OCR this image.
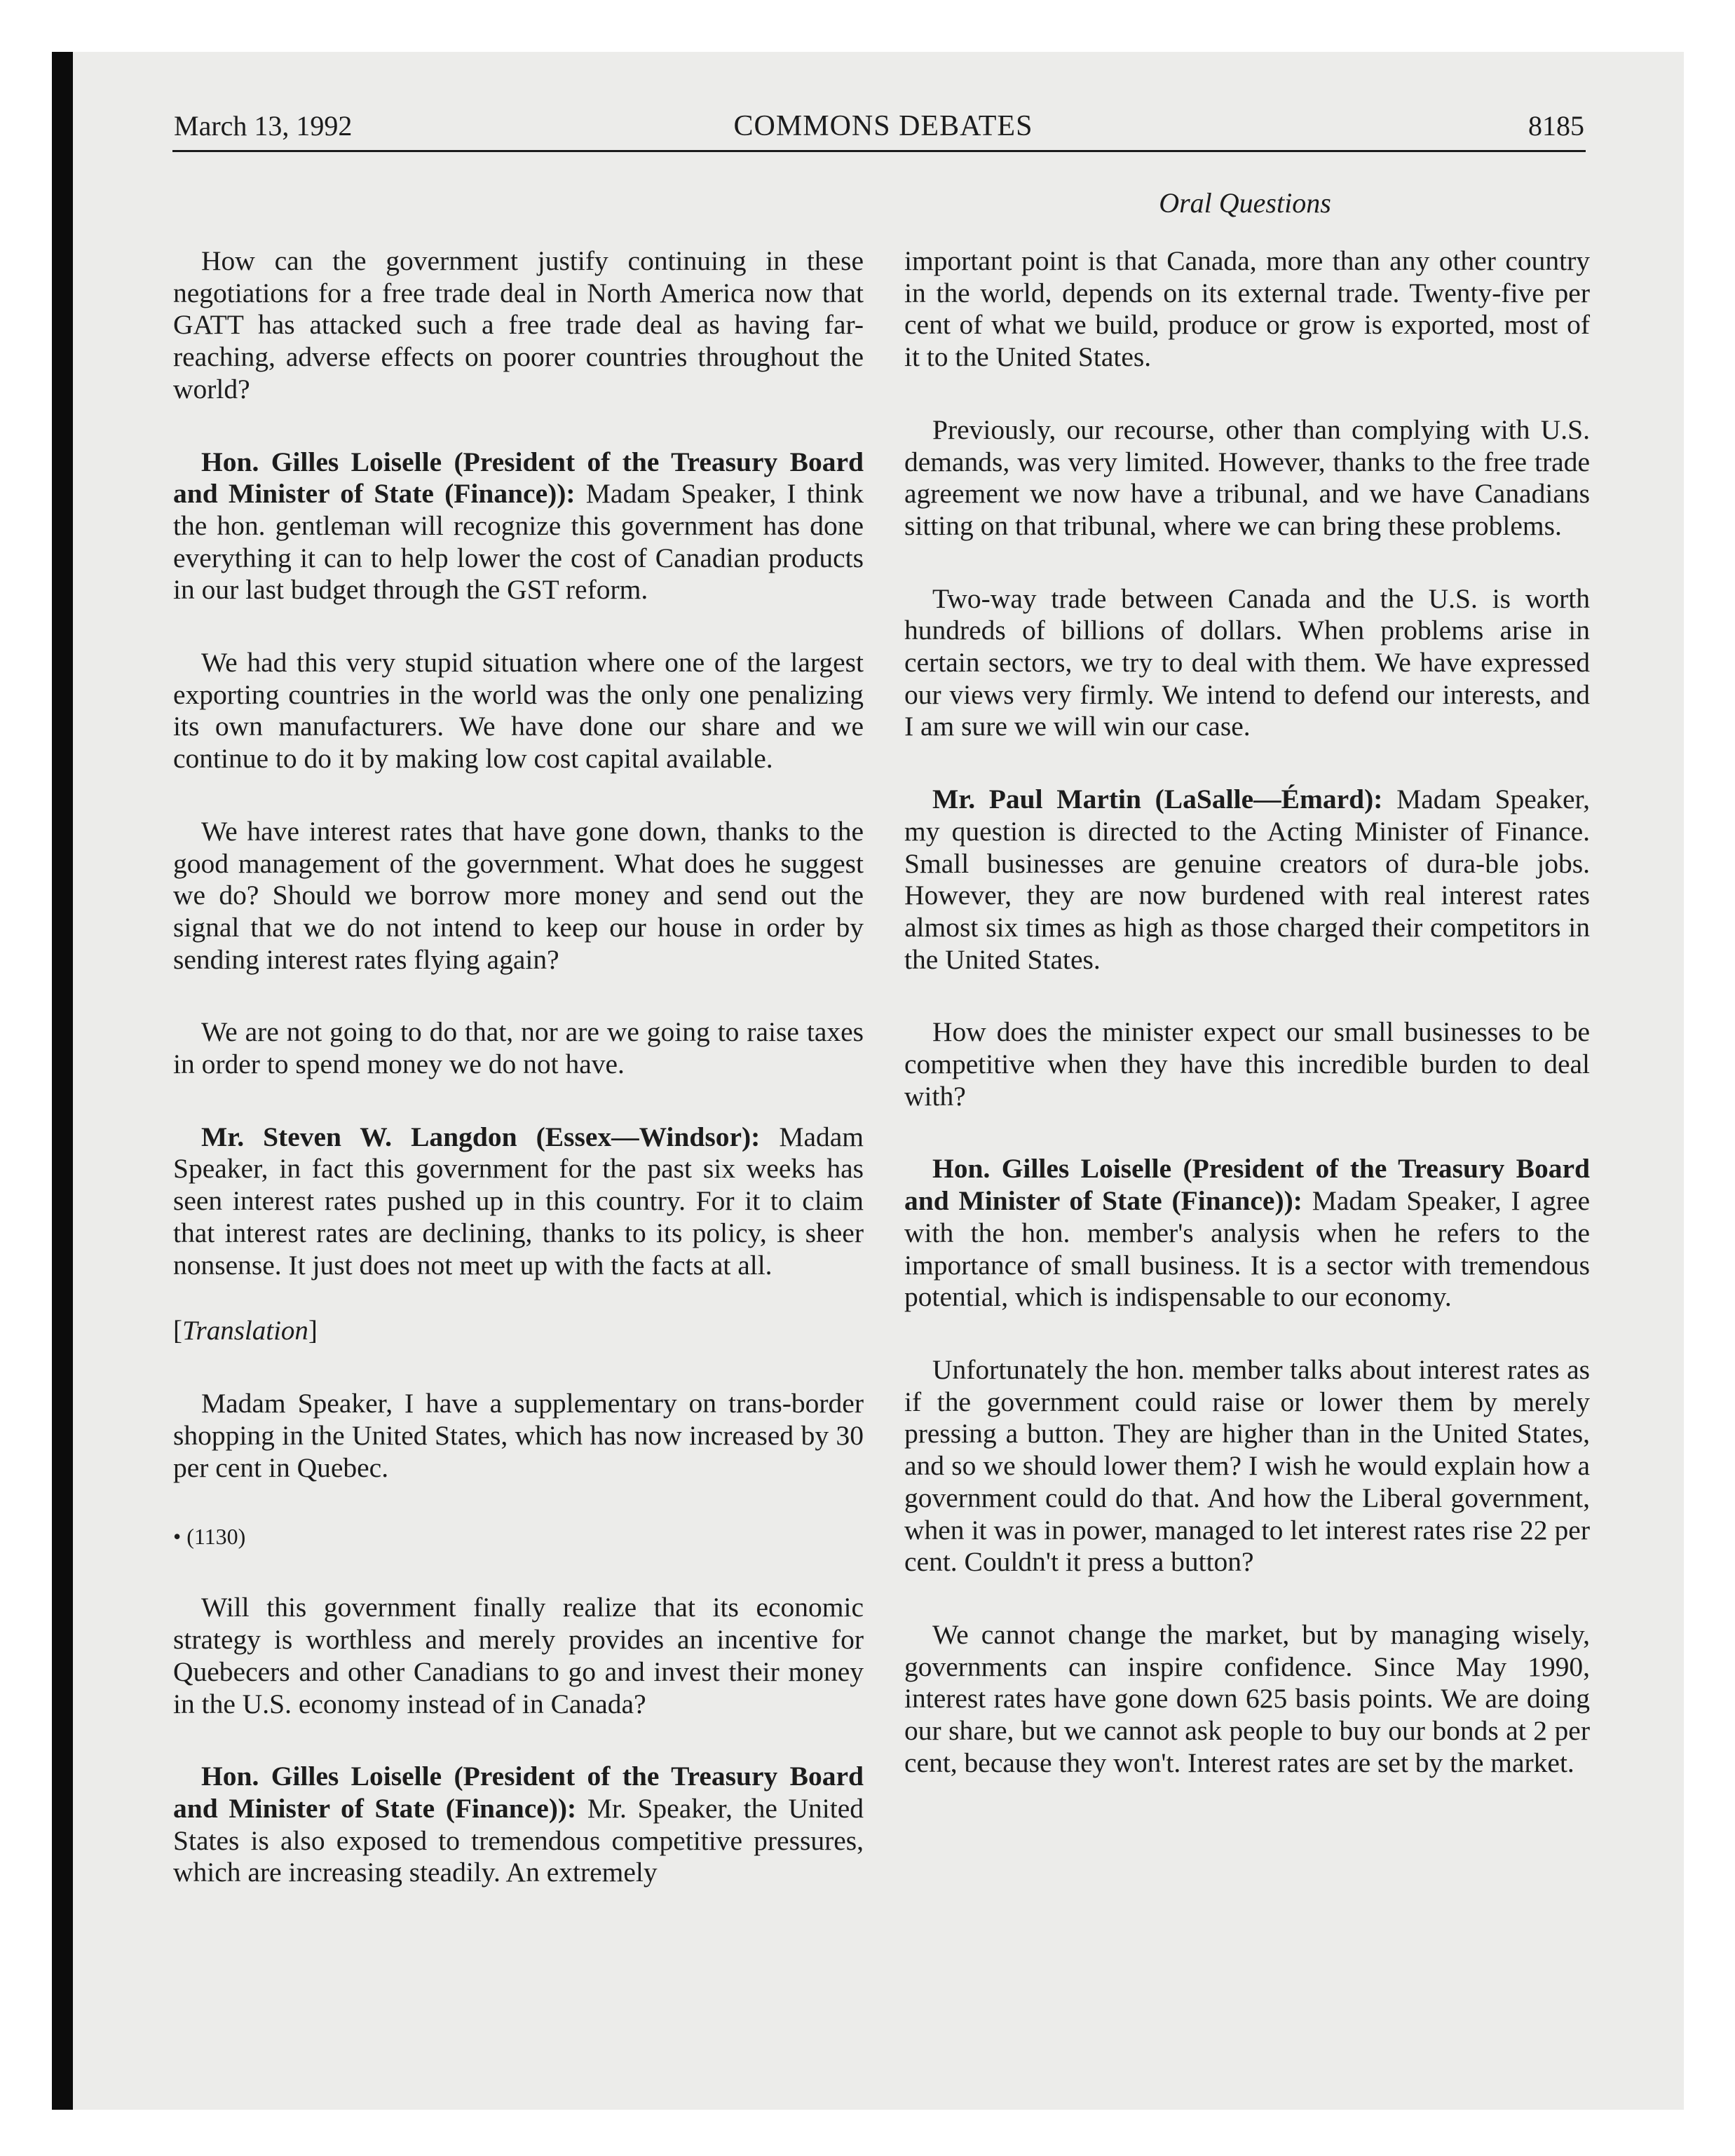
March 13, 1992	COMMONS DEBATES	8185
Oral Questions

How can the government justify continuing in these negotiations for a free trade deal in North America now that GATT has attacked such a free trade deal as having far-reaching, adverse effects on poorer countries throughout the world?

Hon. Gilles Loiselle (President of the Treasury Board and Minister of State (Finance)): Madam Speaker, I think the hon. gentleman will recognize this government has done everything it can to help lower the cost of Canadian products in our last budget through the GST reform.

We had this very stupid situation where one of the largest exporting countries in the world was the only one penalizing its own manufacturers. We have done our share and we continue to do it by making low cost capital available.

We have interest rates that have gone down, thanks to the good management of the government. What does he suggest we do? Should we borrow more money and send out the signal that we do not intend to keep our house in order by sending interest rates flying again?

We are not going to do that, nor are we going to raise taxes in order to spend money we do not have.

Mr. Steven W. Langdon (Essex—Windsor): Madam Speaker, in fact this government for the past six weeks has seen interest rates pushed up in this country. For it to claim that interest rates are declining, thanks to its policy, is sheer nonsense. It just does not meet up with the facts at all.

[Translation]

Madam Speaker, I have a supplementary on trans-border shopping in the United States, which has now increased by 30 per cent in Quebec.

• (1130)

Will this government finally realize that its economic strategy is worthless and merely provides an incentive for Quebecers and other Canadians to go and invest their money in the U.S. economy instead of in Canada?

Hon. Gilles Loiselle (President of the Treasury Board and Minister of State (Finance)): Mr. Speaker, the United States is also exposed to tremendous competitive pressures, which are increasing steadily. An extremely

important point is that Canada, more than any other country in the world, depends on its external trade. Twenty-five per cent of what we build, produce or grow is exported, most of it to the United States.

Previously, our recourse, other than complying with U.S. demands, was very limited. However, thanks to the free trade agreement we now have a tribunal, and we have Canadians sitting on that tribunal, where we can bring these problems.

Two-way trade between Canada and the U.S. is worth hundreds of billions of dollars. When problems arise in certain sectors, we try to deal with them. We have expressed our views very firmly. We intend to defend our interests, and I am sure we will win our case.

Mr. Paul Martin (LaSalle—Émard): Madam Speaker, my question is directed to the Acting Minister of Finance. Small businesses are genuine creators of dura-ble jobs. However, they are now burdened with real interest rates almost six times as high as those charged their competitors in the United States.

How does the minister expect our small businesses to be competitive when they have this incredible burden to deal with?

Hon. Gilles Loiselle (President of the Treasury Board and Minister of State (Finance)): Madam Speaker, I agree with the hon. member's analysis when he refers to the importance of small business. It is a sector with tremendous potential, which is indispensable to our economy.

Unfortunately the hon. member talks about interest rates as if the government could raise or lower them by merely pressing a button. They are higher than in the United States, and so we should lower them? I wish he would explain how a government could do that. And how the Liberal government, when it was in power, managed to let interest rates rise 22 per cent. Couldn't it press a button?

We cannot change the market, but by managing wisely, governments can inspire confidence. Since May 1990, interest rates have gone down 625 basis points. We are doing our share, but we cannot ask people to buy our bonds at 2 per cent, because they won't. Interest rates are set by the market.
